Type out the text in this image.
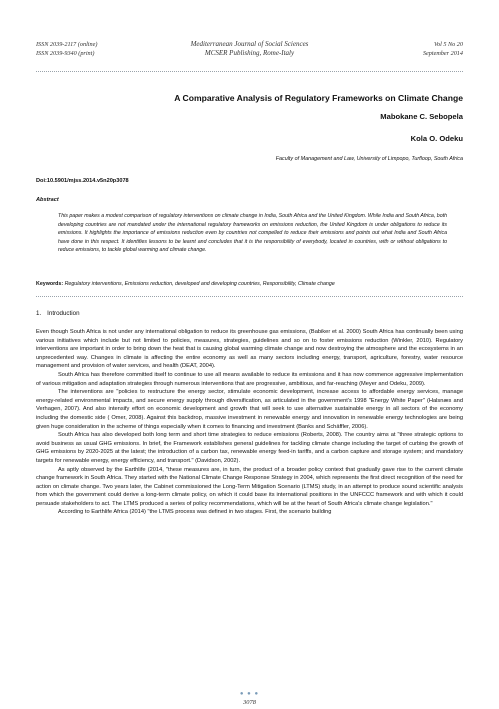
ISSN 2039-2117 (online)
ISSN 2039-9340 (print)
Mediterranean Journal of Social Sciences
MCSER Publishing, Rome-Italy
Vol 5 No 20
September 2014
A Comparative Analysis of Regulatory Frameworks on Climate Change
Mabokane C. Sebopela
Kola O. Odeku
Faculty of Management and Law, University of Limpopo, Turfloop, South Africa
Doi:10.5901/mjss.2014.v5n20p3078
Abstract

This paper makes a modest comparison of regulatory interventions on climate change in India, South Africa and the United Kingdom. While India and South Africa, both developing countries are not mandated under the international regulatory frameworks on emissions reduction, the United Kingdom is under obligations to reduce its emissions. It highlights the importance of emissions reduction even by countries not compelled to reduce their emissions and points out what India and South Africa have done in this respect. It identifies lessons to be learnt and concludes that it is the responsibility of everybody, located in countries, with or without obligations to reduce emissions, to tackle global warming and climate change.

Keywords: Regulatory interventions, Emissions reduction, developed and developing countries, Responsibility, Climate change

1. Introduction

Even though South Africa is not under any international obligation to reduce its greenhouse gas emissions, (Babiker et al. 2000) South Africa has continually been using various initiatives which include but not limited to policies, measures, strategies, guidelines and so on to foster emissions reduction (Winkler, 2010). Regulatory interventions are important in order to bring down the heat that is causing global warming climate change and now destroying the atmosphere and the ecosystems in an unprecedented way. Changes in climate is affecting the entire economy as well as many sectors including energy, transport, agriculture, forestry, water resource management and provision of water services, and health (DEAT, 2004).

South Africa has therefore committed itself to continue to use all means available to reduce its emissions and it has now commence aggressive implementation of various mitigation and adaptation strategies through numerous interventions that are progressive, ambitious, and far-reaching (Meyer and Odeku, 2009).

The interventions are "policies to restructure the energy sector, stimulate economic development, increase access to affordable energy services, manage energy-related environmental impacts, and secure energy supply through diversification, as articulated in the government's 1998 "Energy White Paper" (Halsnæs and Verhagen, 2007). And also intensify effort on economic development and growth that will seek to use alternative sustainable energy in all sectors of the economy including the domestic side ( Omer, 2008). Against this backdrop, massive investment in renewable energy and innovation in renewable energy technologies are being given huge consideration in the scheme of things especially when it comes to financing and investment (Banks and Schäffler, 2006).

South Africa has also developed both long term and short time strategies to reduce emissions (Roberts, 2008). The country aims at "three strategic options to avoid business as usual GHG emissions. In brief, the Framework establishes general guidelines for tackling climate change including the target of curbing the growth of GHG emissions by 2020-2025 at the latest; the introduction of a carbon tax, renewable energy feed-in tariffs, and a carbon capture and storage system; and mandatory targets for renewable energy, energy efficiency, and transport." (Davidson, 2002).

As aptly observed by the Earthlife (2014, "these measures are, in turn, the product of a broader policy context that gradually gave rise to the current climate change framework in South Africa. They started with the National Climate Change Response Strategy in 2004, which represents the first direct recognition of the need for action on climate change. Two years later, the Cabinet commissioned the Long-Term Mitigation Scenario (LTMS) study, in an attempt to produce sound scientific analysis from which the government could derive a long-term climate policy, on which it could base its international positions in the UNFCCC framework and with which it could persuade stakeholders to act. The LTMS produced a series of policy recommendations, which will be at the heart of South Africa's climate change legislation."

According to Earthlife Africa (2014) "the LTMS process was defined in two stages. First, the scenario building

● ● ●
3078
